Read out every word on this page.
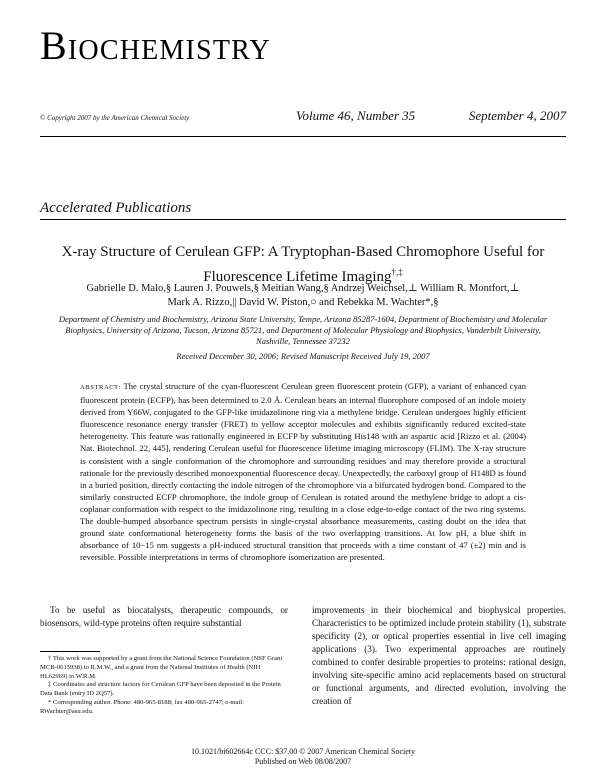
Biochemistry
© Copyright 2007 by the American Chemical Society	Volume 46, Number 35	September 4, 2007
Accelerated Publications
X-ray Structure of Cerulean GFP: A Tryptophan-Based Chromophore Useful for
Fluorescence Lifetime Imaging†,‡
Gabrielle D. Malo,§ Lauren J. Pouwels,§ Meitian Wang,§ Andrzej Weichsel,⊥ William R. Montfort,⊥
Mark A. Rizzo,|| David W. Piston,○ and Rebekka M. Wachter*,§
Department of Chemistry and Biochemistry, Arizona State University, Tempe, Arizona 85287-1604, Department of Biochemistry and Molecular Biophysics, University of Arizona, Tucson, Arizona 85721, and Department of Molecular Physiology and Biophysics, Vanderbilt University, Nashville, Tennessee 37232
Received December 30, 2006; Revised Manuscript Received July 19, 2007
ABSTRACT: The crystal structure of the cyan-fluorescent Cerulean green fluorescent protein (GFP), a variant of enhanced cyan fluorescent protein (ECFP), has been determined to 2.0 Å. Cerulean bears an internal fluorophore composed of an indole moiety derived from Y66W, conjugated to the GFP-like imidazolinone ring via a methylene bridge. Cerulean undergoes highly efficient fluorescence resonance energy transfer (FRET) to yellow acceptor molecules and exhibits significantly reduced excited-state heterogeneity. This feature was rationally engineered in ECFP by substituting His148 with an aspartic acid [Rizzo et al. (2004) Nat. Biotechnol. 22, 445], rendering Cerulean useful for fluorescence lifetime imaging microscopy (FLIM). The X-ray structure is consistent with a single conformation of the chromophore and surrounding residues and may therefore provide a structural rationale for the previously described monoexponential fluorescence decay. Unexpectedly, the carboxyl group of H148D is found in a buried position, directly contacting the indole nitrogen of the chromophore via a bifurcated hydrogen bond. Compared to the similarly constructed ECFP chromophore, the indole group of Cerulean is rotated around the methylene bridge to adopt a cis-coplanar conformation with respect to the imidazolinone ring, resulting in a close edge-to-edge contact of the two ring systems. The double-humped absorbance spectrum persists in single-crystal absorbance measurements, casting doubt on the idea that ground state conformational heterogeneity forms the basis of the two overlapping transitions. At low pH, a blue shift in absorbance of 10−15 nm suggests a pH-induced structural transition that proceeds with a time constant of 47 (±2) min and is reversible. Possible interpretations in terms of chromophore isomerization are presented.
To be useful as biocatalysts, therapeutic compounds, or biosensors, wild-type proteins often require substantial
improvements in their biochemical and biophysical properties. Characteristics to be optimized include protein stability (1), substrate specificity (2), or optical properties essential in live cell imaging applications (3). Two experimental approaches are routinely combined to confer desirable properties to proteins: rational design, involving site-specific amino acid replacements based on structural or functional arguments, and directed evolution, involving the creation of

† This work was supported by a grant from the National Science Foundation (NSF Grant MCB-0615938) to R.M.W., and a grant from the National Institutes of Health (NIH HL62969) to W.R.M.

‡ Coordinates and structure factors for Cerulean GFP have been deposited in the Protein Data Bank (entry ID 2Q57).

* Corresponding author. Phone: 480-965-8188; fax 480-965-2747; e-mail: RWachter@asu.edu.

10.1021/bi602664c CCC: $37.00 © 2007 American Chemical Society
Published on Web 08/08/2007
